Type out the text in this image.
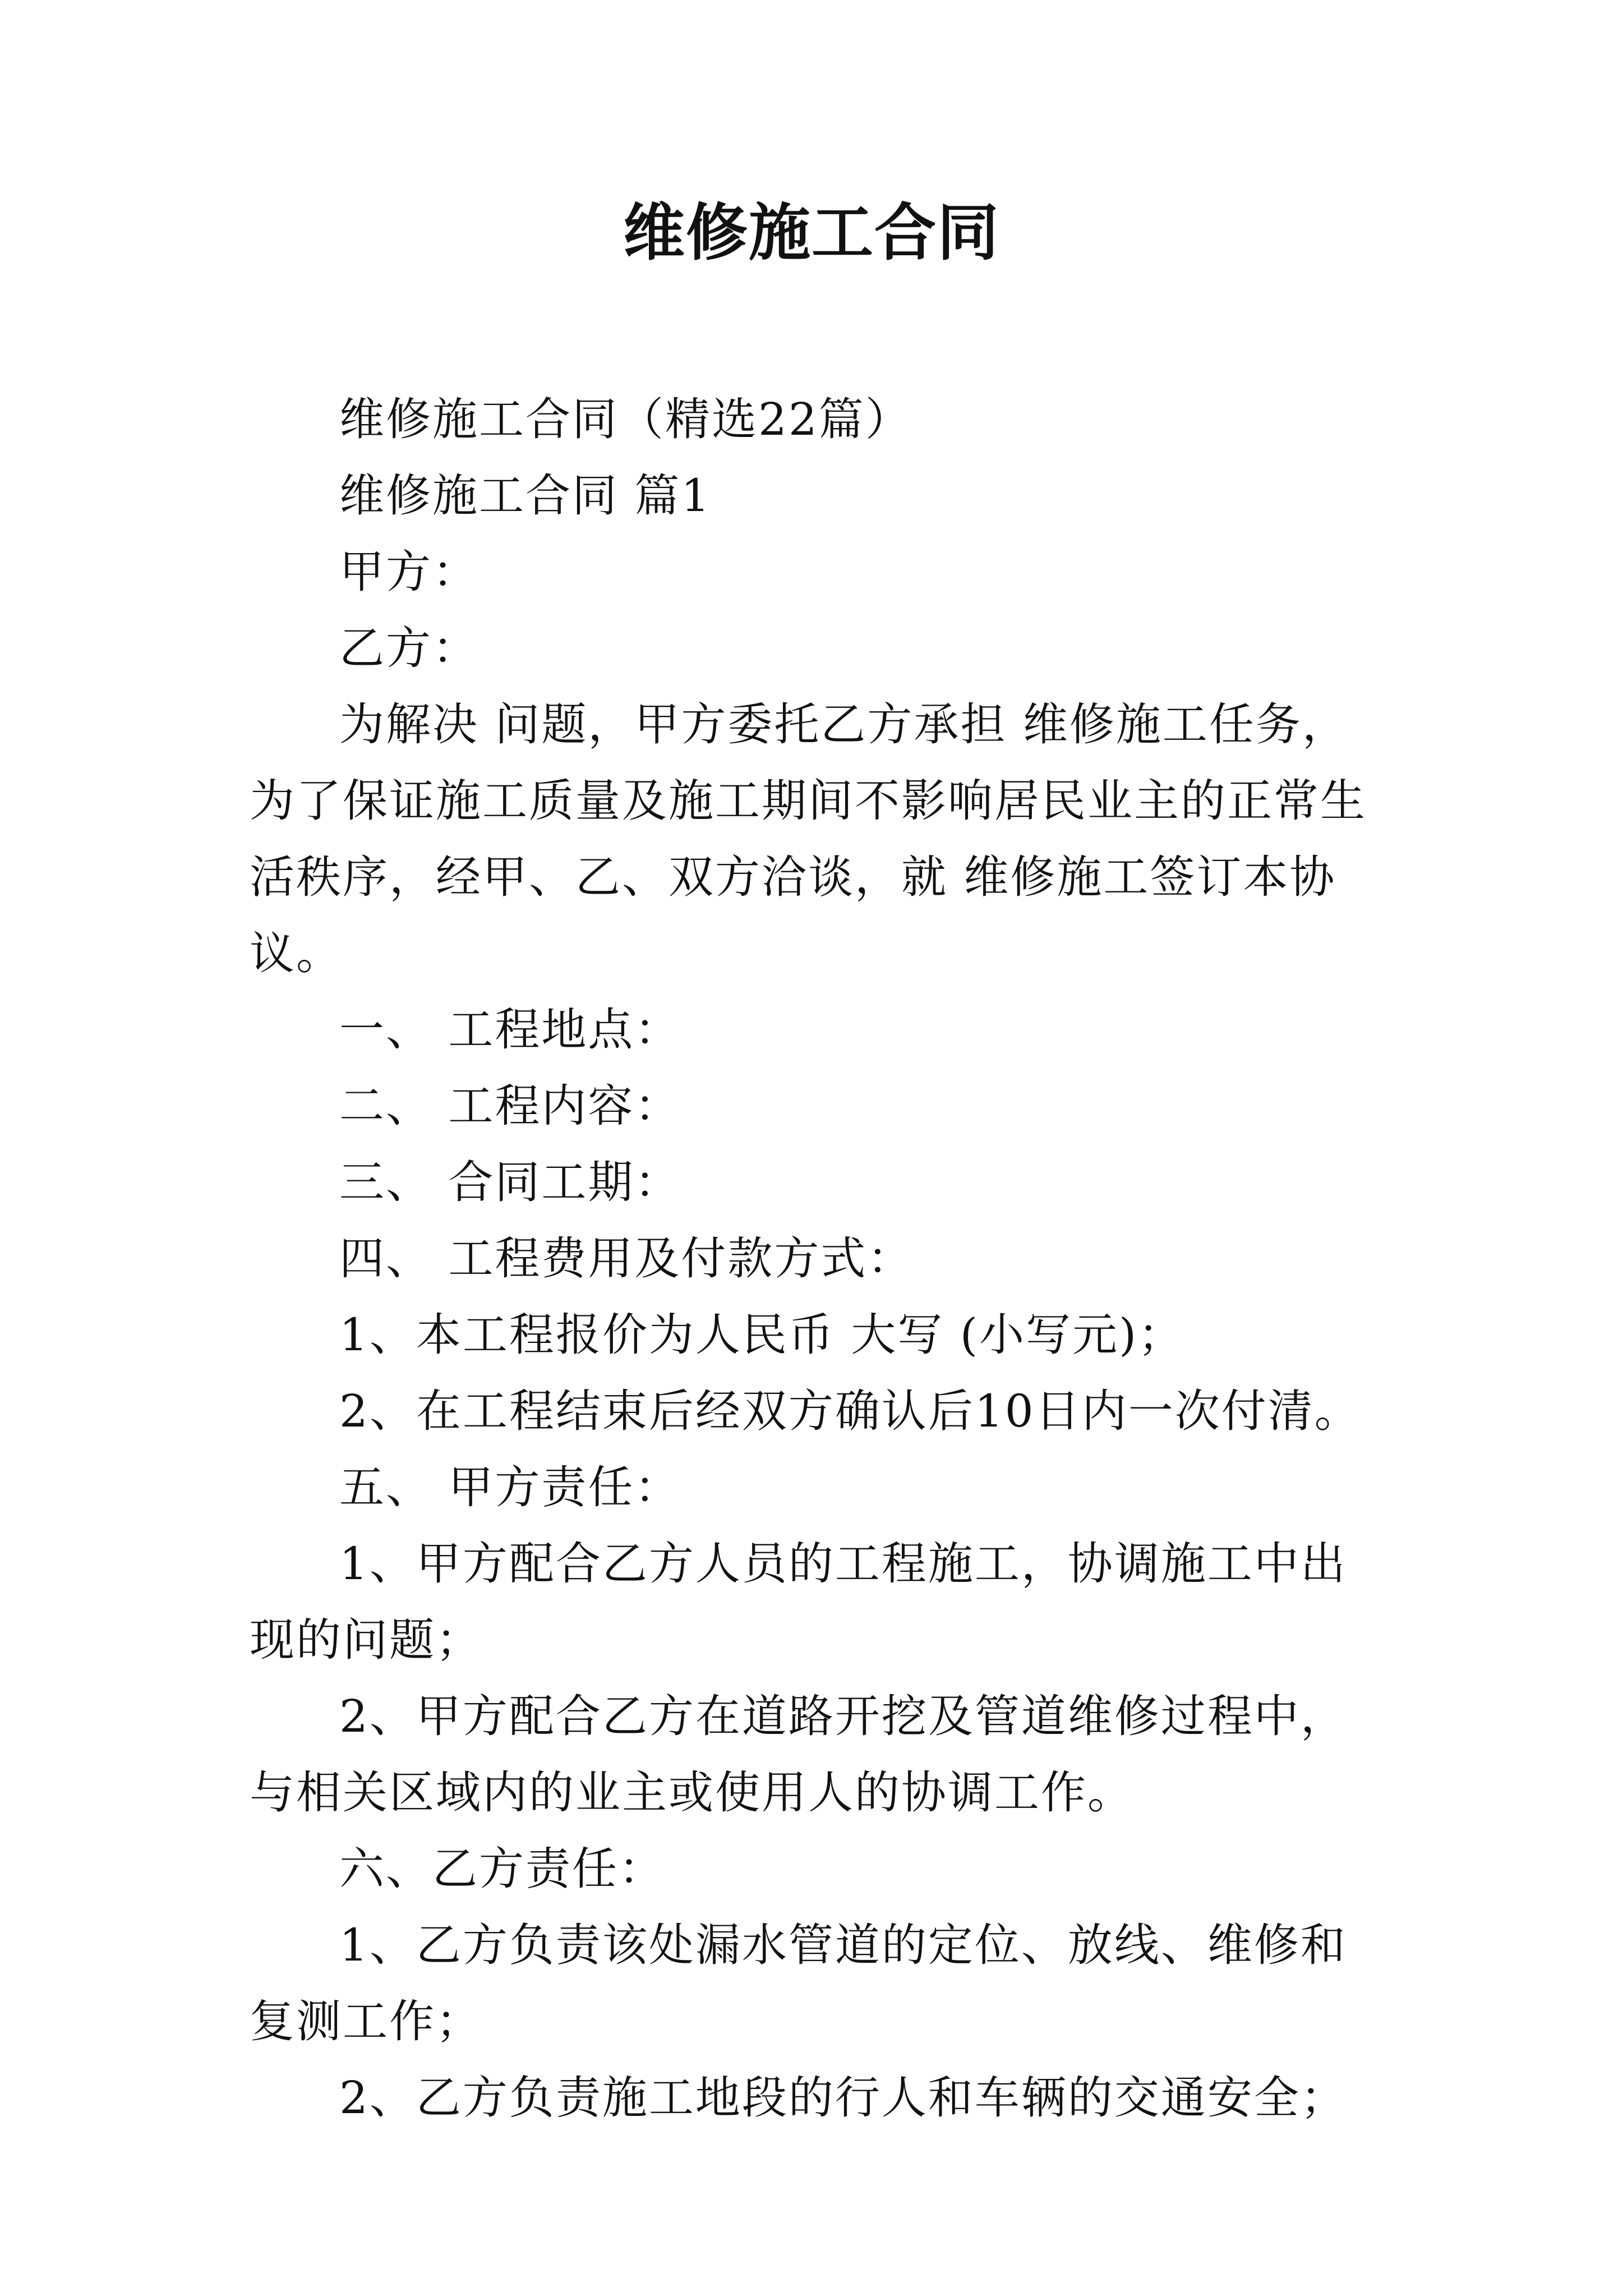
维修施工合同

维修施工合同（精选22篇）

维修施工合同 篇1

甲方：

乙方：

为解决 问题，甲方委托乙方承担 维修施工任务，为了保证施工质量及施工期间不影响居民业主的正常生活秩序，经甲、乙、双方洽谈，就 维修施工签订本协议。

一、 工程地点：

二、 工程内容：

三、 合同工期：

四、 工程费用及付款方式：

1、本工程报价为人民币 大写 (小写元)；

2、在工程结束后经双方确认后10日内一次付清。

五、 甲方责任：

1、甲方配合乙方人员的工程施工，协调施工中出现的问题；

2、甲方配合乙方在道路开挖及管道维修过程中，与相关区域内的业主或使用人的协调工作。

六、乙方责任：

1、乙方负责该处漏水管道的定位、放线、维修和复测工作；

2、乙方负责施工地段的行人和车辆的交通安全；
